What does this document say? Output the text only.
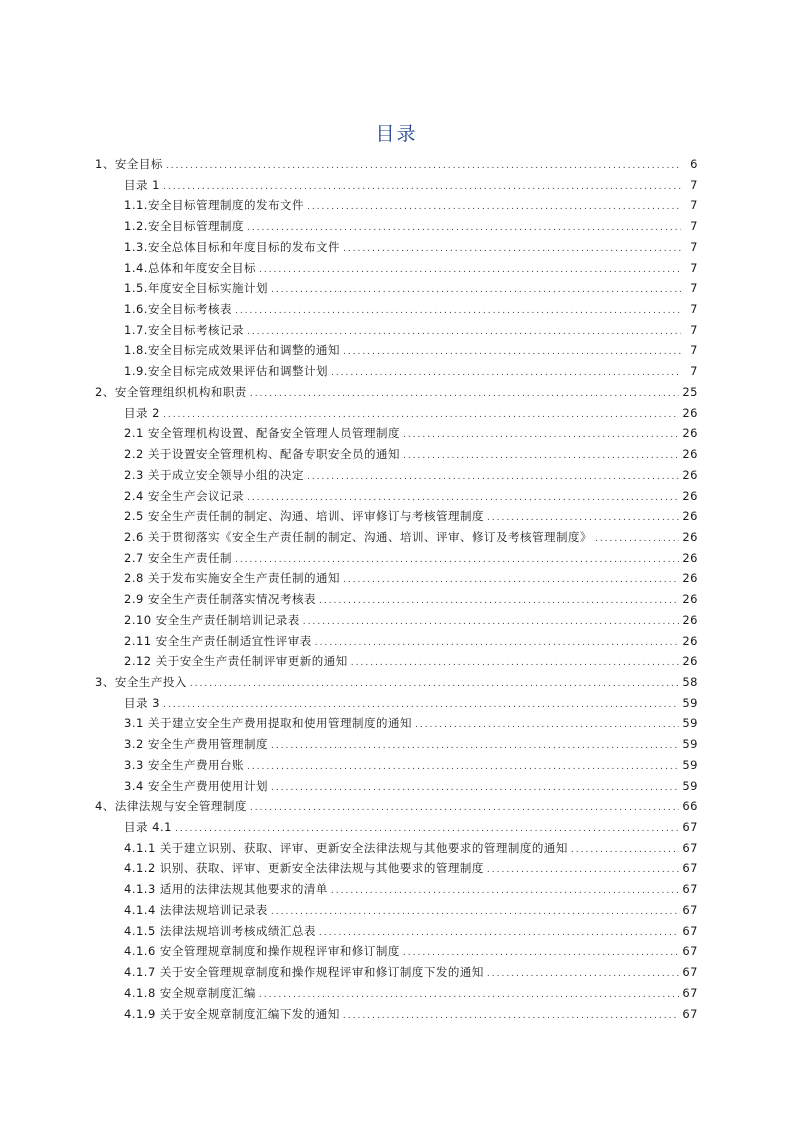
目录
1、安全目标 .....	6
目录 1 .....	7
1.1.安全目标管理制度的发布文件 .....	7
1.2.安全目标管理制度 .....	7
1.3.安全总体目标和年度目标的发布文件 .....	7
1.4.总体和年度安全目标 .....	7
1.5.年度安全目标实施计划 .....	7
1.6.安全目标考核表 .....	7
1.7.安全目标考核记录 .....	7
1.8.安全目标完成效果评估和调整的通知 .....	7
1.9.安全目标完成效果评估和调整计划 .....	7
2、安全管理组织机构和职责 .....	25
目录 2 .....	26
2.1 安全管理机构设置、配备安全管理人员管理制度 .....	26
2.2 关于设置安全管理机构、配备专职安全员的通知 .....	26
2.3 关于成立安全领导小组的决定 .....	26
2.4 安全生产会议记录 .....	26
2.5 安全生产责任制的制定、沟通、培训、评审修订与考核管理制度 .....	26
2.6 关于贯彻落实《安全生产责任制的制定、沟通、培训、评审、修订及考核管理制度》 .....	26
2.7 安全生产责任制 .....	26
2.8 关于发布实施安全生产责任制的通知 .....	26
2.9 安全生产责任制落实情况考核表 .....	26
2.10 安全生产责任制培训记录表 .....	26
2.11 安全生产责任制适宜性评审表 .....	26
2.12 关于安全生产责任制评审更新的通知 .....	26
3、安全生产投入 .....	58
目录 3 .....	59
3.1 关于建立安全生产费用提取和使用管理制度的通知 .....	59
3.2 安全生产费用管理制度 .....	59
3.3 安全生产费用台账 .....	59
3.4 安全生产费用使用计划 .....	59
4、法律法规与安全管理制度 .....	66
目录 4.1 .....	67
4.1.1 关于建立识别、获取、评审、更新安全法律法规与其他要求的管理制度的通知 .....	67
4.1.2 识别、获取、评审、更新安全法律法规与其他要求的管理制度 .....	67
4.1.3 适用的法律法规其他要求的清单 .....	67
4.1.4 法律法规培训记录表 .....	67
4.1.5 法律法规培训考核成绩汇总表 .....	67
4.1.6 安全管理规章制度和操作规程评审和修订制度 .....	67
4.1.7 关于安全管理规章制度和操作规程评审和修订制度下发的通知 .....	67
4.1.8 安全规章制度汇编 .....	67
4.1.9 关于安全规章制度汇编下发的通知 .....	67
